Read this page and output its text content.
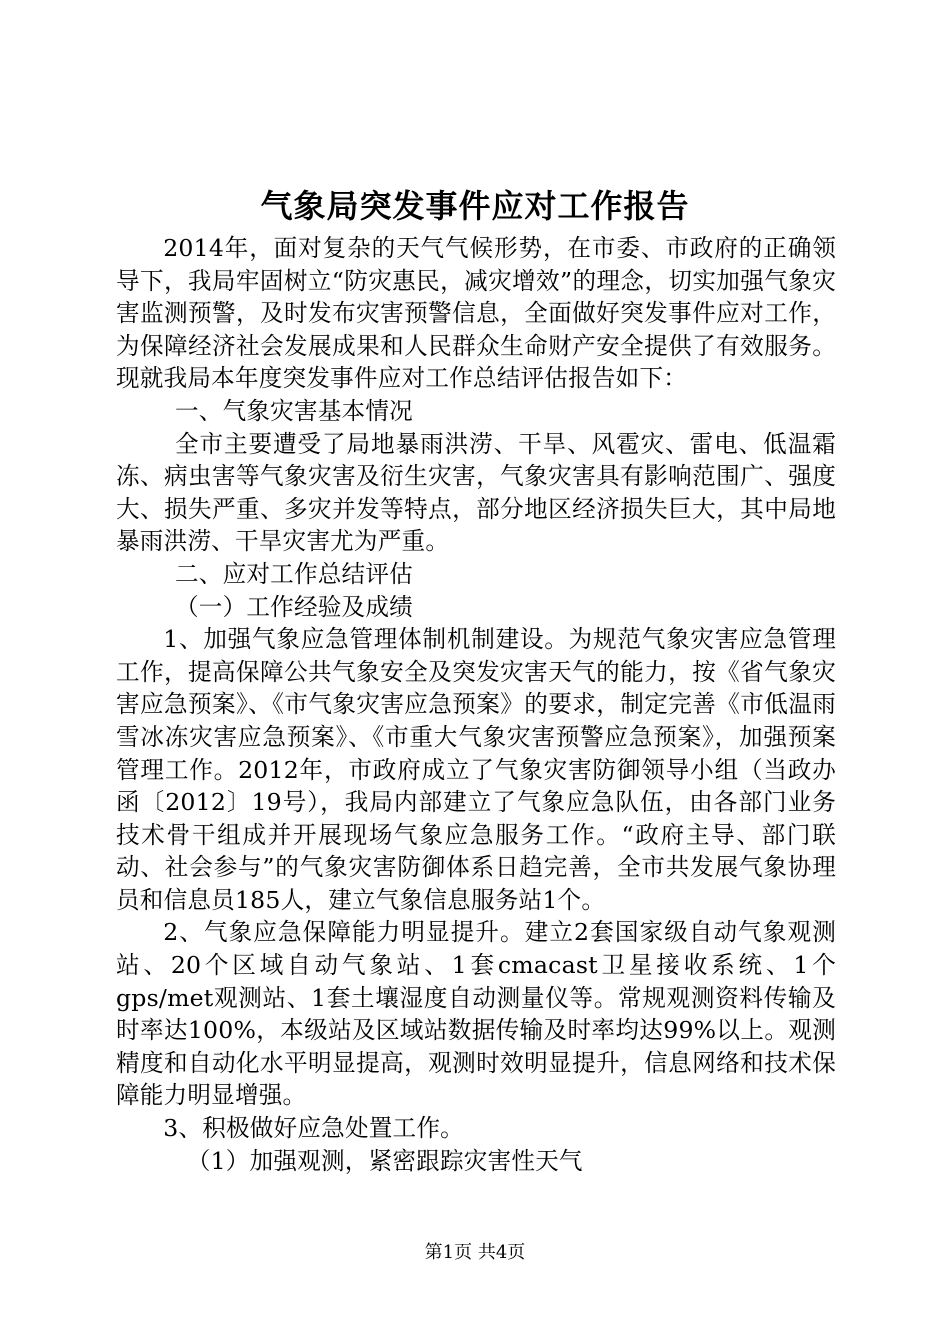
气象局突发事件应对工作报告

2014年，面对复杂的天气气候形势，在市委、市政府的正确领导下，我局牢固树立“防灾惠民，减灾增效”的理念，切实加强气象灾害监测预警，及时发布灾害预警信息，全面做好突发事件应对工作，为保障经济社会发展成果和人民群众生命财产安全提供了有效服务。现就我局本年度突发事件应对工作总结评估报告如下：

一、气象灾害基本情况

全市主要遭受了局地暴雨洪涝、干旱、风雹灾、雷电、低温霜冻、病虫害等气象灾害及衍生灾害，气象灾害具有影响范围广、强度大、损失严重、多灾并发等特点，部分地区经济损失巨大，其中局地暴雨洪涝、干旱灾害尤为严重。

二、应对工作总结评估

（一）工作经验及成绩

1、加强气象应急管理体制机制建设。为规范气象灾害应急管理工作，提高保障公共气象安全及突发灾害天气的能力，按《省气象灾害应急预案》、《市气象灾害应急预案》的要求，制定完善《市低温雨雪冰冻灾害应急预案》、《市重大气象灾害预警应急预案》，加强预案管理工作。2012年，市政府成立了气象灾害防御领导小组（当政办函〔2012〕19号），我局内部建立了气象应急队伍，由各部门业务技术骨干组成并开展现场气象应急服务工作。“政府主导、部门联动、社会参与”的气象灾害防御体系日趋完善，全市共发展气象协理员和信息员185人，建立气象信息服务站1个。

2、气象应急保障能力明显提升。建立2套国家级自动气象观测站、20个区域自动气象站、1套cmacast卫星接收系统、1个gps/met观测站、1套土壤湿度自动测量仪等。常规观测资料传输及时率达100%，本级站及区域站数据传输及时率均达99%以上。观测精度和自动化水平明显提高，观测时效明显提升，信息网络和技术保障能力明显增强。

3、积极做好应急处置工作。

（1）加强观测，紧密跟踪灾害性天气

第1页 共4页
